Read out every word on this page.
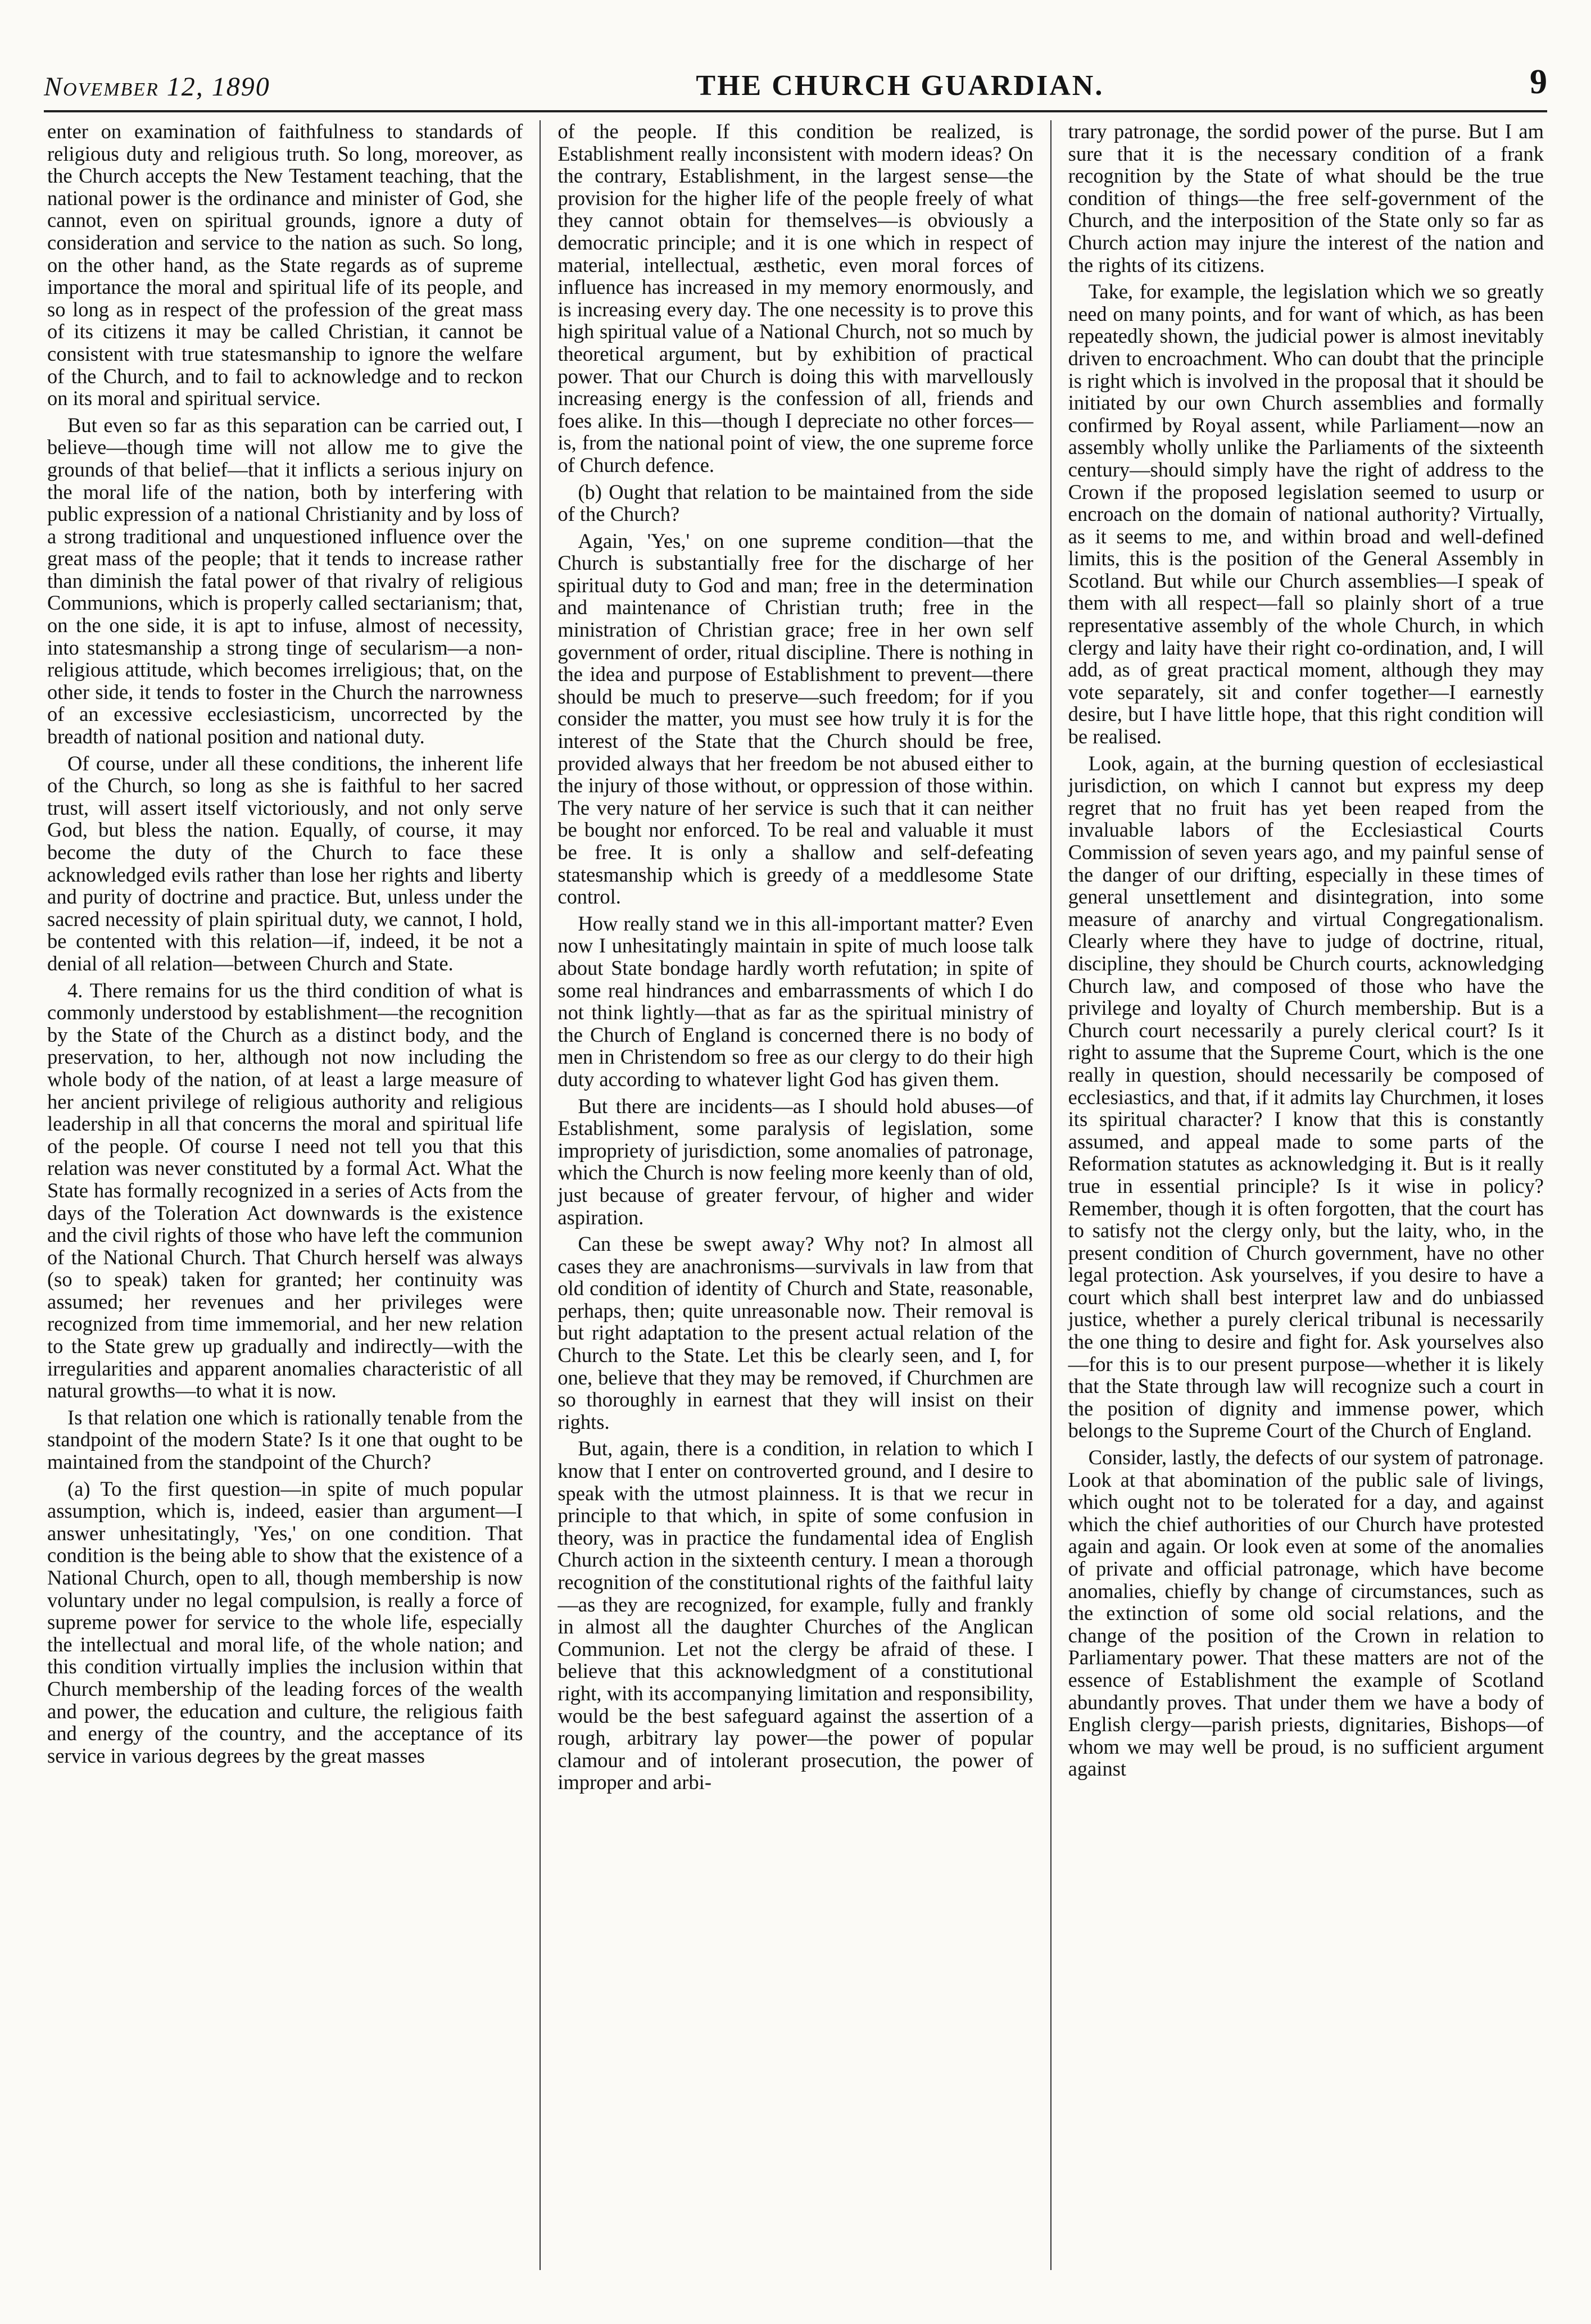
November 12, 1890	THE CHURCH GUARDIAN.	9

enter on examination of faithfulness to standards of religious duty and religious truth. So long, moreover, as the Church accepts the New Testament teaching, that the national power is the ordinance and minister of God, she cannot, even on spiritual grounds, ignore a duty of consideration and service to the nation as such. So long, on the other hand, as the State regards as of supreme importance the moral and spiritual life of its people, and so long as in respect of the profession of the great mass of its citizens it may be called Christian, it cannot be consistent with true statesmanship to ignore the welfare of the Church, and to fail to acknowledge and to reckon on its moral and spiritual service.

But even so far as this separation can be carried out, I believe—though time will not allow me to give the grounds of that belief—that it inflicts a serious injury on the moral life of the nation, both by interfering with public expression of a national Christianity and by loss of a strong traditional and unquestioned influence over the great mass of the people; that it tends to increase rather than diminish the fatal power of that rivalry of religious Communions, which is properly called sectarianism; that, on the one side, it is apt to infuse, almost of necessity, into statesmanship a strong tinge of secularism—a non-religious attitude, which becomes irreligious; that, on the other side, it tends to foster in the Church the narrowness of an excessive ecclesiasticism, uncorrected by the breadth of national position and national duty.

Of course, under all these conditions, the inherent life of the Church, so long as she is faithful to her sacred trust, will assert itself victoriously, and not only serve God, but bless the nation. Equally, of course, it may become the duty of the Church to face these acknowledged evils rather than lose her rights and liberty and purity of doctrine and practice. But, unless under the sacred necessity of plain spiritual duty, we cannot, I hold, be contented with this relation—if, indeed, it be not a denial of all relation—between Church and State.

4. There remains for us the third condition of what is commonly understood by establishment—the recognition by the State of the Church as a distinct body, and the preservation, to her, although not now including the whole body of the nation, of at least a large measure of her ancient privilege of religious authority and religious leadership in all that concerns the moral and spiritual life of the people. Of course I need not tell you that this relation was never constituted by a formal Act. What the State has formally recognized in a series of Acts from the days of the Toleration Act downwards is the existence and the civil rights of those who have left the communion of the National Church. That Church herself was always (so to speak) taken for granted; her continuity was assumed; her revenues and her privileges were recognized from time immemorial, and her new relation to the State grew up gradually and indirectly—with the irregularities and apparent anomalies characteristic of all natural growths—to what it is now.

Is that relation one which is rationally tenable from the standpoint of the modern State? Is it one that ought to be maintained from the standpoint of the Church?

(a) To the first question—in spite of much popular assumption, which is, indeed, easier than argument—I answer unhesitatingly, 'Yes,' on one condition. That condition is the being able to show that the existence of a National Church, open to all, though membership is now voluntary under no legal compulsion, is really a force of supreme power for service to the whole life, especially the intellectual and moral life, of the whole nation; and this condition virtually implies the inclusion within that Church membership of the leading forces of the wealth and power, the education and culture, the religious faith and energy of the country, and the acceptance of its service in various degrees by the great masses

of the people. If this condition be realized, is Establishment really inconsistent with modern ideas? On the contrary, Establishment, in the largest sense—the provision for the higher life of the people freely of what they cannot obtain for themselves—is obviously a democratic principle; and it is one which in respect of material, intellectual, æsthetic, even moral forces of influence has increased in my memory enormously, and is increasing every day. The one necessity is to prove this high spiritual value of a National Church, not so much by theoretical argument, but by exhibition of practical power. That our Church is doing this with marvellously increasing energy is the confession of all, friends and foes alike. In this—though I depreciate no other forces—is, from the national point of view, the one supreme force of Church defence.

(b) Ought that relation to be maintained from the side of the Church?

Again, 'Yes,' on one supreme condition—that the Church is substantially free for the discharge of her spiritual duty to God and man; free in the determination and maintenance of Christian truth; free in the ministration of Christian grace; free in her own self government of order, ritual discipline. There is nothing in the idea and purpose of Establishment to prevent—there should be much to preserve—such freedom; for if you consider the matter, you must see how truly it is for the interest of the State that the Church should be free, provided always that her freedom be not abused either to the injury of those without, or oppression of those within. The very nature of her service is such that it can neither be bought nor enforced. To be real and valuable it must be free. It is only a shallow and self-defeating statesmanship which is greedy of a meddlesome State control.

How really stand we in this all-important matter? Even now I unhesitatingly maintain in spite of much loose talk about State bondage hardly worth refutation; in spite of some real hindrances and embarrassments of which I do not think lightly—that as far as the spiritual ministry of the Church of England is concerned there is no body of men in Christendom so free as our clergy to do their high duty according to whatever light God has given them.

But there are incidents—as I should hold abuses—of Establishment, some paralysis of legislation, some impropriety of jurisdiction, some anomalies of patronage, which the Church is now feeling more keenly than of old, just because of greater fervour, of higher and wider aspiration.

Can these be swept away? Why not? In almost all cases they are anachronisms—survivals in law from that old condition of identity of Church and State, reasonable, perhaps, then; quite unreasonable now. Their removal is but right adaptation to the present actual relation of the Church to the State. Let this be clearly seen, and I, for one, believe that they may be removed, if Churchmen are so thoroughly in earnest that they will insist on their rights.

But, again, there is a condition, in relation to which I know that I enter on controverted ground, and I desire to speak with the utmost plainness. It is that we recur in principle to that which, in spite of some confusion in theory, was in practice the fundamental idea of English Church action in the sixteenth century. I mean a thorough recognition of the constitutional rights of the faithful laity—as they are recognized, for example, fully and frankly in almost all the daughter Churches of the Anglican Communion. Let not the clergy be afraid of these. I believe that this acknowledgment of a constitutional right, with its accompanying limitation and responsibility, would be the best safeguard against the assertion of a rough, arbitrary lay power—the power of popular clamour and of intolerant prosecution, the power of improper and arbi-

trary patronage, the sordid power of the purse. But I am sure that it is the necessary condition of a frank recognition by the State of what should be the true condition of things—the free self-government of the Church, and the interposition of the State only so far as Church action may injure the interest of the nation and the rights of its citizens.

Take, for example, the legislation which we so greatly need on many points, and for want of which, as has been repeatedly shown, the judicial power is almost inevitably driven to encroachment. Who can doubt that the principle is right which is involved in the proposal that it should be initiated by our own Church assemblies and formally confirmed by Royal assent, while Parliament—now an assembly wholly unlike the Parliaments of the sixteenth century—should simply have the right of address to the Crown if the proposed legislation seemed to usurp or encroach on the domain of national authority? Virtually, as it seems to me, and within broad and well-defined limits, this is the position of the General Assembly in Scotland. But while our Church assemblies—I speak of them with all respect—fall so plainly short of a true representative assembly of the whole Church, in which clergy and laity have their right co-ordination, and, I will add, as of great practical moment, although they may vote separately, sit and confer together—I earnestly desire, but I have little hope, that this right condition will be realised.

Look, again, at the burning question of ecclesiastical jurisdiction, on which I cannot but express my deep regret that no fruit has yet been reaped from the invaluable labors of the Ecclesiastical Courts Commission of seven years ago, and my painful sense of the danger of our drifting, especially in these times of general unsettlement and disintegration, into some measure of anarchy and virtual Congregationalism. Clearly where they have to judge of doctrine, ritual, discipline, they should be Church courts, acknowledging Church law, and composed of those who have the privilege and loyalty of Church membership. But is a Church court necessarily a purely clerical court? Is it right to assume that the Supreme Court, which is the one really in question, should necessarily be composed of ecclesiastics, and that, if it admits lay Churchmen, it loses its spiritual character? I know that this is constantly assumed, and appeal made to some parts of the Reformation statutes as acknowledging it. But is it really true in essential principle? Is it wise in policy? Remember, though it is often forgotten, that the court has to satisfy not the clergy only, but the laity, who, in the present condition of Church government, have no other legal protection. Ask yourselves, if you desire to have a court which shall best interpret law and do unbiassed justice, whether a purely clerical tribunal is necessarily the one thing to desire and fight for. Ask yourselves also—for this is to our present purpose—whether it is likely that the State through law will recognize such a court in the position of dignity and immense power, which belongs to the Supreme Court of the Church of England.

Consider, lastly, the defects of our system of patronage. Look at that abomination of the public sale of livings, which ought not to be tolerated for a day, and against which the chief authorities of our Church have protested again and again. Or look even at some of the anomalies of private and official patronage, which have become anomalies, chiefly by change of circumstances, such as the extinction of some old social relations, and the change of the position of the Crown in relation to Parliamentary power. That these matters are not of the essence of Establishment the example of Scotland abundantly proves. That under them we have a body of English clergy—parish priests, dignitaries, Bishops—of whom we may well be proud, is no sufficient argument against
